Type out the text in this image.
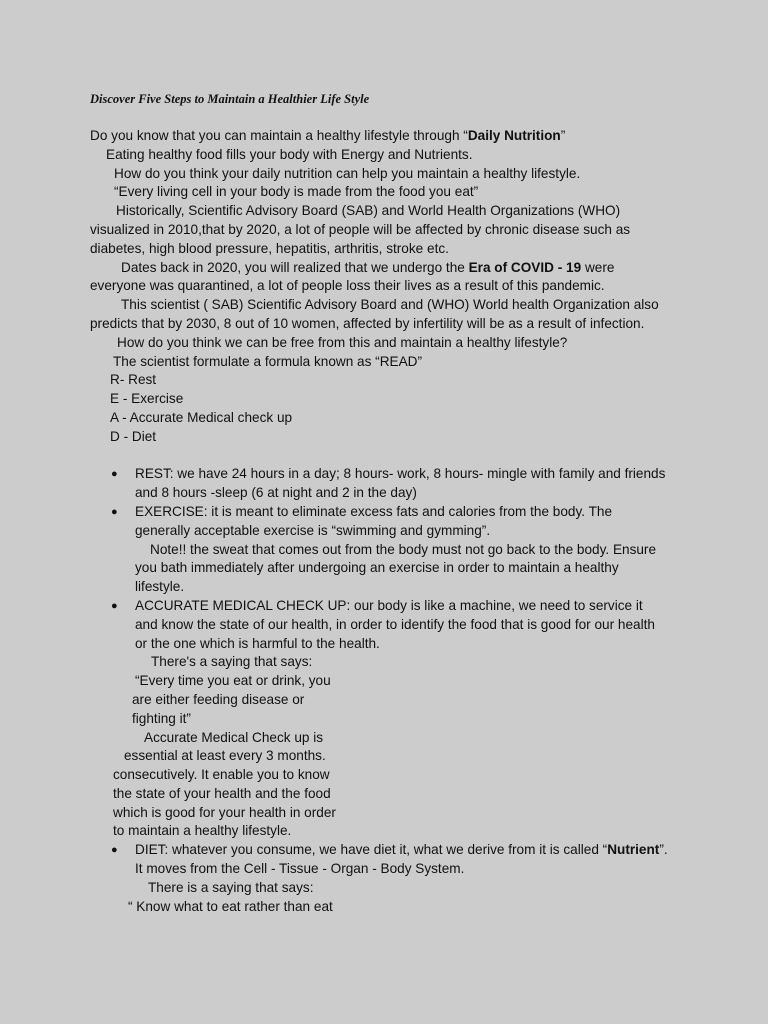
Discover Five Steps to Maintain a Healthier Life Style
Do you know that you can maintain a healthy lifestyle through “Daily Nutrition”
Eating healthy food fills your body with Energy and Nutrients.
How do you think your daily nutrition can help you maintain a healthy lifestyle.
“Every living cell in your body is made from the food you eat”
Historically, Scientific Advisory Board (SAB) and World Health Organizations (WHO)
visualized in 2010,that by 2020, a lot of people will be affected by chronic disease such as
diabetes, high blood pressure, hepatitis, arthritis, stroke etc.
Dates back in 2020, you will realized that we undergo the Era of COVID - 19 were
everyone was quarantined, a lot of people loss their lives as a result of this pandemic.
This scientist ( SAB) Scientific Advisory Board and (WHO) World health Organization also
predicts that by 2030, 8 out of 10 women, affected by infertility will be as a result of infection.
How do you think we can be free from this and maintain a healthy lifestyle?
The scientist formulate a formula known as “READ”
R- Rest
E - Exercise
A - Accurate Medical check up
D - Diet
● REST: we have 24 hours in a day; 8 hours- work, 8 hours- mingle with family and friends
and 8 hours -sleep (6 at night and 2 in the day)
● EXERCISE: it is meant to eliminate excess fats and calories from the body. The
generally acceptable exercise is “swimming and gymming”.
Note!! the sweat that comes out from the body must not go back to the body. Ensure
you bath immediately after undergoing an exercise in order to maintain a healthy
lifestyle.
● ACCURATE MEDICAL CHECK UP: our body is like a machine, we need to service it
and know the state of our health, in order to identify the food that is good for our health
or the one which is harmful to the health.
There's a saying that says:
“Every time you eat or drink, you
are either feeding disease or
fighting it”
Accurate Medical Check up is
essential at least every 3 months.
consecutively. It enable you to know
the state of your health and the food
which is good for your health in order
to maintain a healthy lifestyle.
● DIET: whatever you consume, we have diet it, what we derive from it is called “Nutrient”.
It moves from the Cell - Tissue - Organ - Body System.
There is a saying that says:
“ Know what to eat rather than eat
